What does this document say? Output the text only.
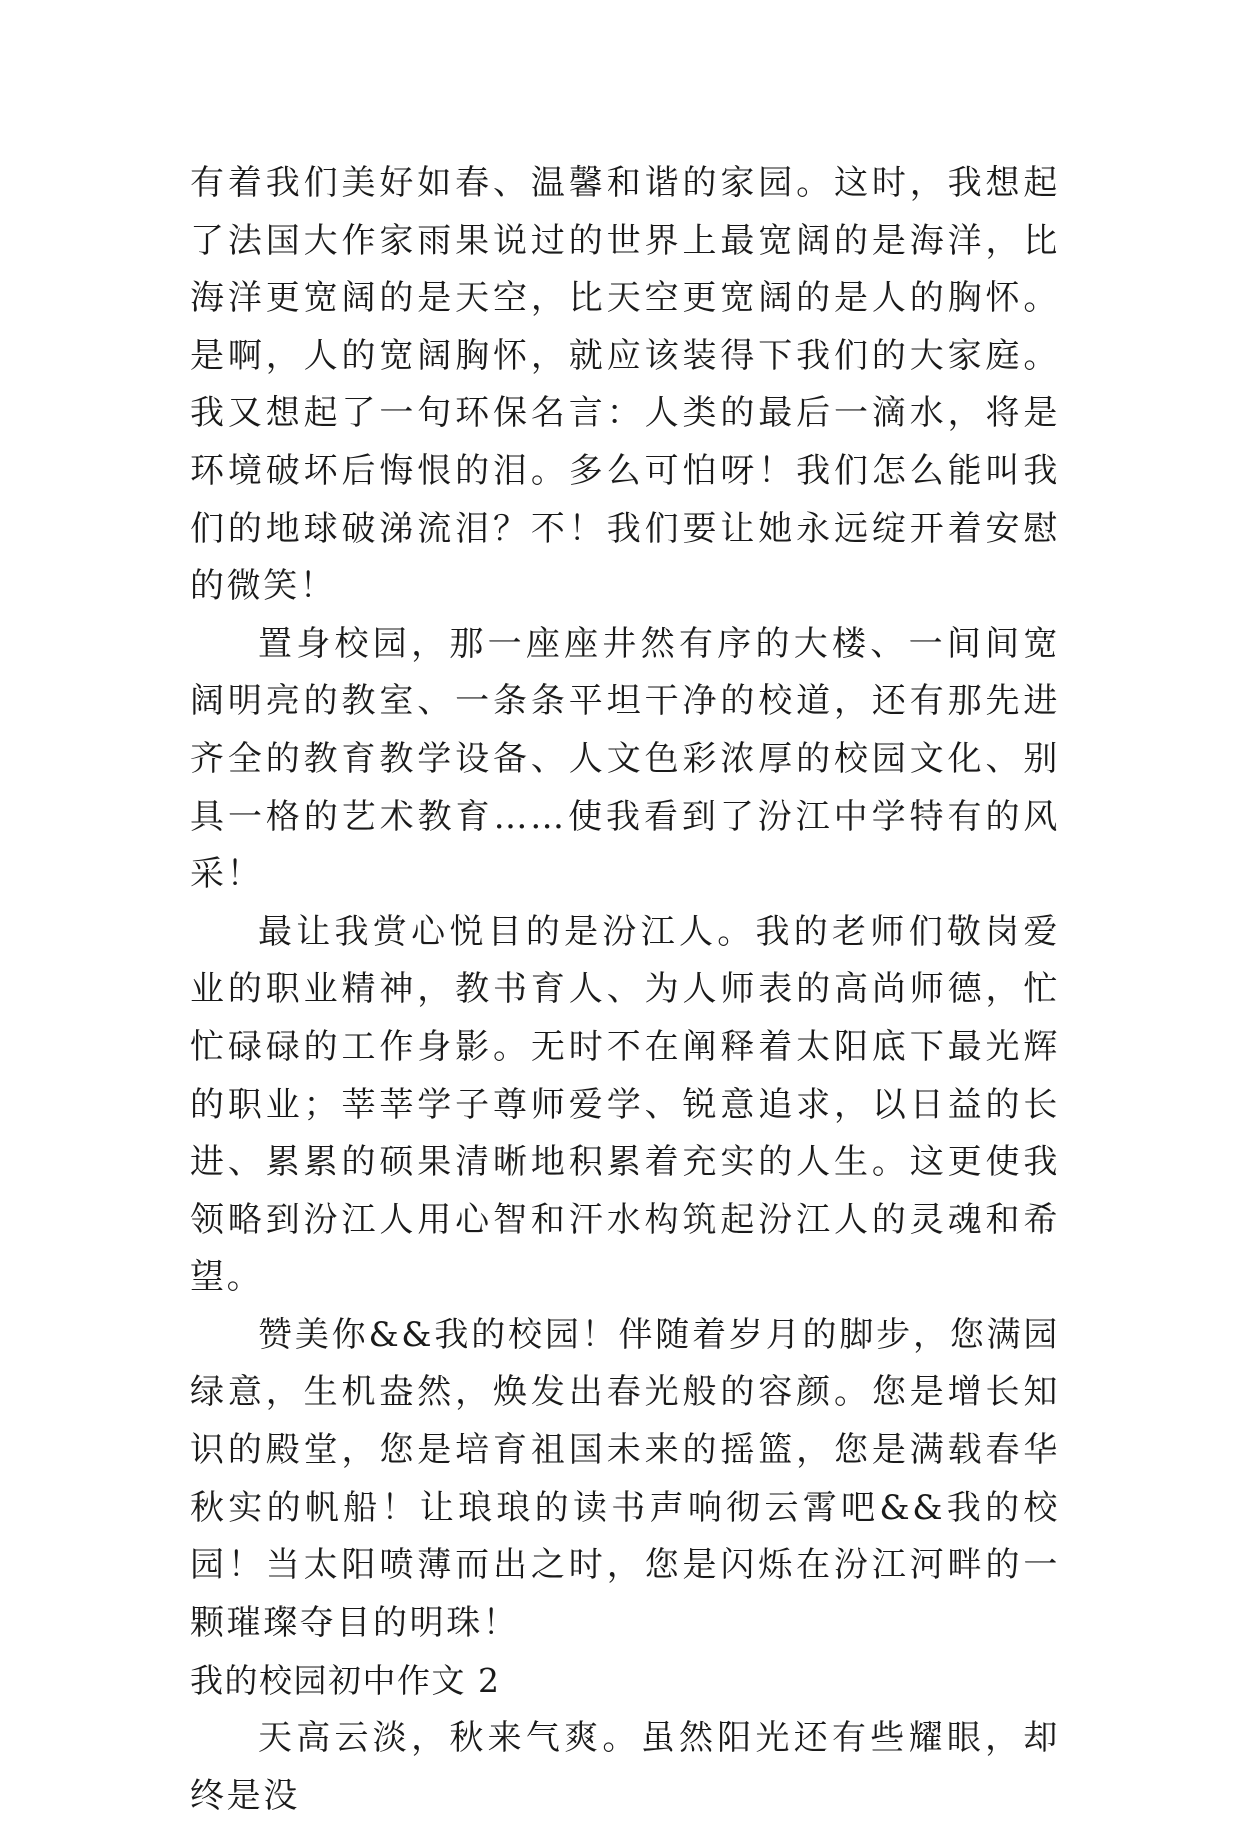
有着我们美好如春、温馨和谐的家园。这时，我想起了法国大作家雨果说过的世界上最宽阔的是海洋，比海洋更宽阔的是天空，比天空更宽阔的是人的胸怀。是啊，人的宽阔胸怀，就应该装得下我们的大家庭。我又想起了一句环保名言：人类的最后一滴水，将是环境破坏后悔恨的泪。多么可怕呀！我们怎么能叫我们的地球破涕流泪？不！我们要让她永远绽开着安慰的微笑！

置身校园，那一座座井然有序的大楼、一间间宽阔明亮的教室、一条条平坦干净的校道，还有那先进齐全的教育教学设备、人文色彩浓厚的校园文化、别具一格的艺术教育……使我看到了汾江中学特有的风采！

最让我赏心悦目的是汾江人。我的老师们敬岗爱业的职业精神，教书育人、为人师表的高尚师德，忙忙碌碌的工作身影。无时不在阐释着太阳底下最光辉的职业；莘莘学子尊师爱学、锐意追求，以日益的长进、累累的硕果清晰地积累着充实的人生。这更使我领略到汾江人用心智和汗水构筑起汾江人的灵魂和希望。

赞美你&&我的校园！伴随着岁月的脚步，您满园绿意，生机盎然，焕发出春光般的容颜。您是增长知识的殿堂，您是培育祖国未来的摇篮，您是满载春华秋实的帆船！让琅琅的读书声响彻云霄吧&&我的校园！当太阳喷薄而出之时，您是闪烁在汾江河畔的一颗璀璨夺目的明珠！

我的校园初中作文 2

天高云淡，秋来气爽。虽然阳光还有些耀眼，却终是没
